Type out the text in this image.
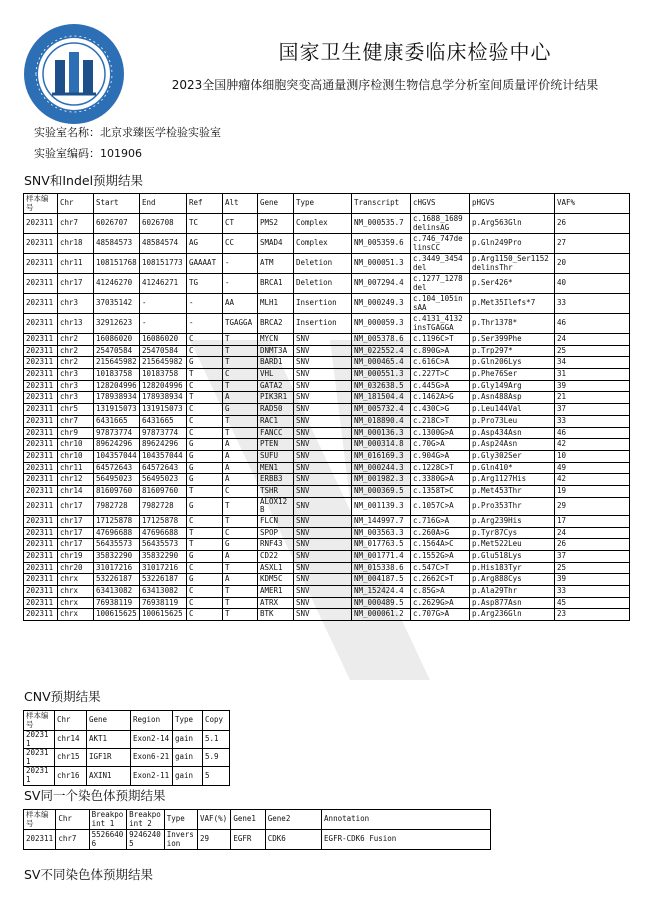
国家卫生健康委临床检验中心
2023全国肿瘤体细胞突变高通量测序检测生物信息学分析室间质量评价统计结果
实验室名称：北京求臻医学检验实验室
实验室编码：101906
SNV和Indel预期结果
样本编号	Chr	Start	End	Ref	Alt	Gene	Type	Transcript	cHGVS	pHGVS	VAF%
202311	chr7	6026707	6026708	TC	CT	PMS2	Complex	NM_000535.7	c.1688_1689delinsAG	p.Arg563Gln	26
202311	chr18	48584573	48584574	AG	CC	SMAD4	Complex	NM_005359.6	c.746_747delinsCC	p.Gln249Pro	27
202311	chr11	108151768	108151773	GAAAAT	-	ATM	Deletion	NM_000051.3	c.3449_3454del	p.Arg1150_Ser1152delinsThr	20
202311	chr17	41246270	41246271	TG	-	BRCA1	Deletion	NM_007294.4	c.1277_1278del	p.Ser426*	40
202311	chr3	37035142	-	-	AA	MLH1	Insertion	NM_000249.3	c.104_105insAA	p.Met35Ilefs*7	33
202311	chr13	32912623	-	-	TGAGGA	BRCA2	Insertion	NM_000059.3	c.4131_4132insTGAGGA	p.Thr1378*	46
202311	chr2	16086020	16086020	C	T	MYCN	SNV	NM_005378.6	c.1196C>T	p.Ser399Phe	24
202311	chr2	25470584	25470584	C	T	DNMT3A	SNV	NM_022552.4	c.890G>A	p.Trp297*	25
202311	chr2	215645982	215645982	G	T	BARD1	SNV	NM_000465.4	c.616C>A	p.Gln206Lys	34
202311	chr3	10183758	10183758	T	C	VHL	SNV	NM_000551.3	c.227T>C	p.Phe76Ser	31
202311	chr3	128204996	128204996	C	T	GATA2	SNV	NM_032638.5	c.445G>A	p.Gly149Arg	39
202311	chr3	178938934	178938934	T	A	PIK3R1	SNV	NM_181504.4	c.1462A>G	p.Asn488Asp	21
202311	chr5	131915073	131915073	C	G	RAD50	SNV	NM_005732.4	c.430C>G	p.Leu144Val	37
202311	chr7	6431665	6431665	C	T	RAC1	SNV	NM_018890.4	c.218C>T	p.Pro73Leu	33
202311	chr9	97873774	97873774	C	T	FANCC	SNV	NM_000136.3	c.1300G>A	p.Asp434Asn	46
202311	chr10	89624296	89624296	G	A	PTEN	SNV	NM_000314.8	c.70G>A	p.Asp24Asn	42
202311	chr10	104357044	104357044	G	A	SUFU	SNV	NM_016169.3	c.904G>A	p.Gly302Ser	10
202311	chr11	64572643	64572643	G	A	MEN1	SNV	NM_000244.3	c.1228C>T	p.Gln410*	49
202311	chr12	56495023	56495023	G	A	ERBB3	SNV	NM_001982.3	c.3380G>A	p.Arg1127His	42
202311	chr14	81609760	81609760	T	C	TSHR	SNV	NM_000369.5	c.1358T>C	p.Met453Thr	19
202311	chr17	7982728	7982728	G	T	ALOX12B	SNV	NM_001139.3	c.1057C>A	p.Pro353Thr	29
202311	chr17	17125878	17125878	C	T	FLCN	SNV	NM_144997.7	c.716G>A	p.Arg239His	17
202311	chr17	47696688	47696688	T	C	SPOP	SNV	NM_003563.3	c.260A>G	p.Tyr87Cys	24
202311	chr17	56435573	56435573	T	G	RNF43	SNV	NM_017763.5	c.1564A>C	p.Met522Leu	26
202311	chr19	35832290	35832290	G	A	CD22	SNV	NM_001771.4	c.1552G>A	p.Glu518Lys	37
202311	chr20	31017216	31017216	C	T	ASXL1	SNV	NM_015338.6	c.547C>T	p.His183Tyr	25
202311	chrx	53226187	53226187	G	A	KDM5C	SNV	NM_004187.5	c.2662C>T	p.Arg888Cys	39
202311	chrx	63413082	63413082	C	T	AMER1	SNV	NM_152424.4	c.85G>A	p.Ala29Thr	33
202311	chrx	76938119	76938119	C	T	ATRX	SNV	NM_000489.5	c.2629G>A	p.Asp877Asn	45
202311	chrx	100615625	100615625	C	T	BTK	SNV	NM_000061.2	c.707G>A	p.Arg236Gln	23
CNV预期结果
样本编号	Chr	Gene	Region	Type	Copy
202311	chr14	AKT1	Exon2-14	gain	5.1
202311	chr15	IGF1R	Exon6-21	gain	5.9
202311	chr16	AXIN1	Exon2-11	gain	5
SV同一个染色体预期结果
样本编号	Chr	Breakpoint 1	Breakpoint 2	Type	VAF(%)	Gene1	Gene2	Annotation
202311	chr7	55266406	92462405	Inversion	29	EGFR	CDK6	EGFR-CDK6 Fusion
SV不同染色体预期结果
